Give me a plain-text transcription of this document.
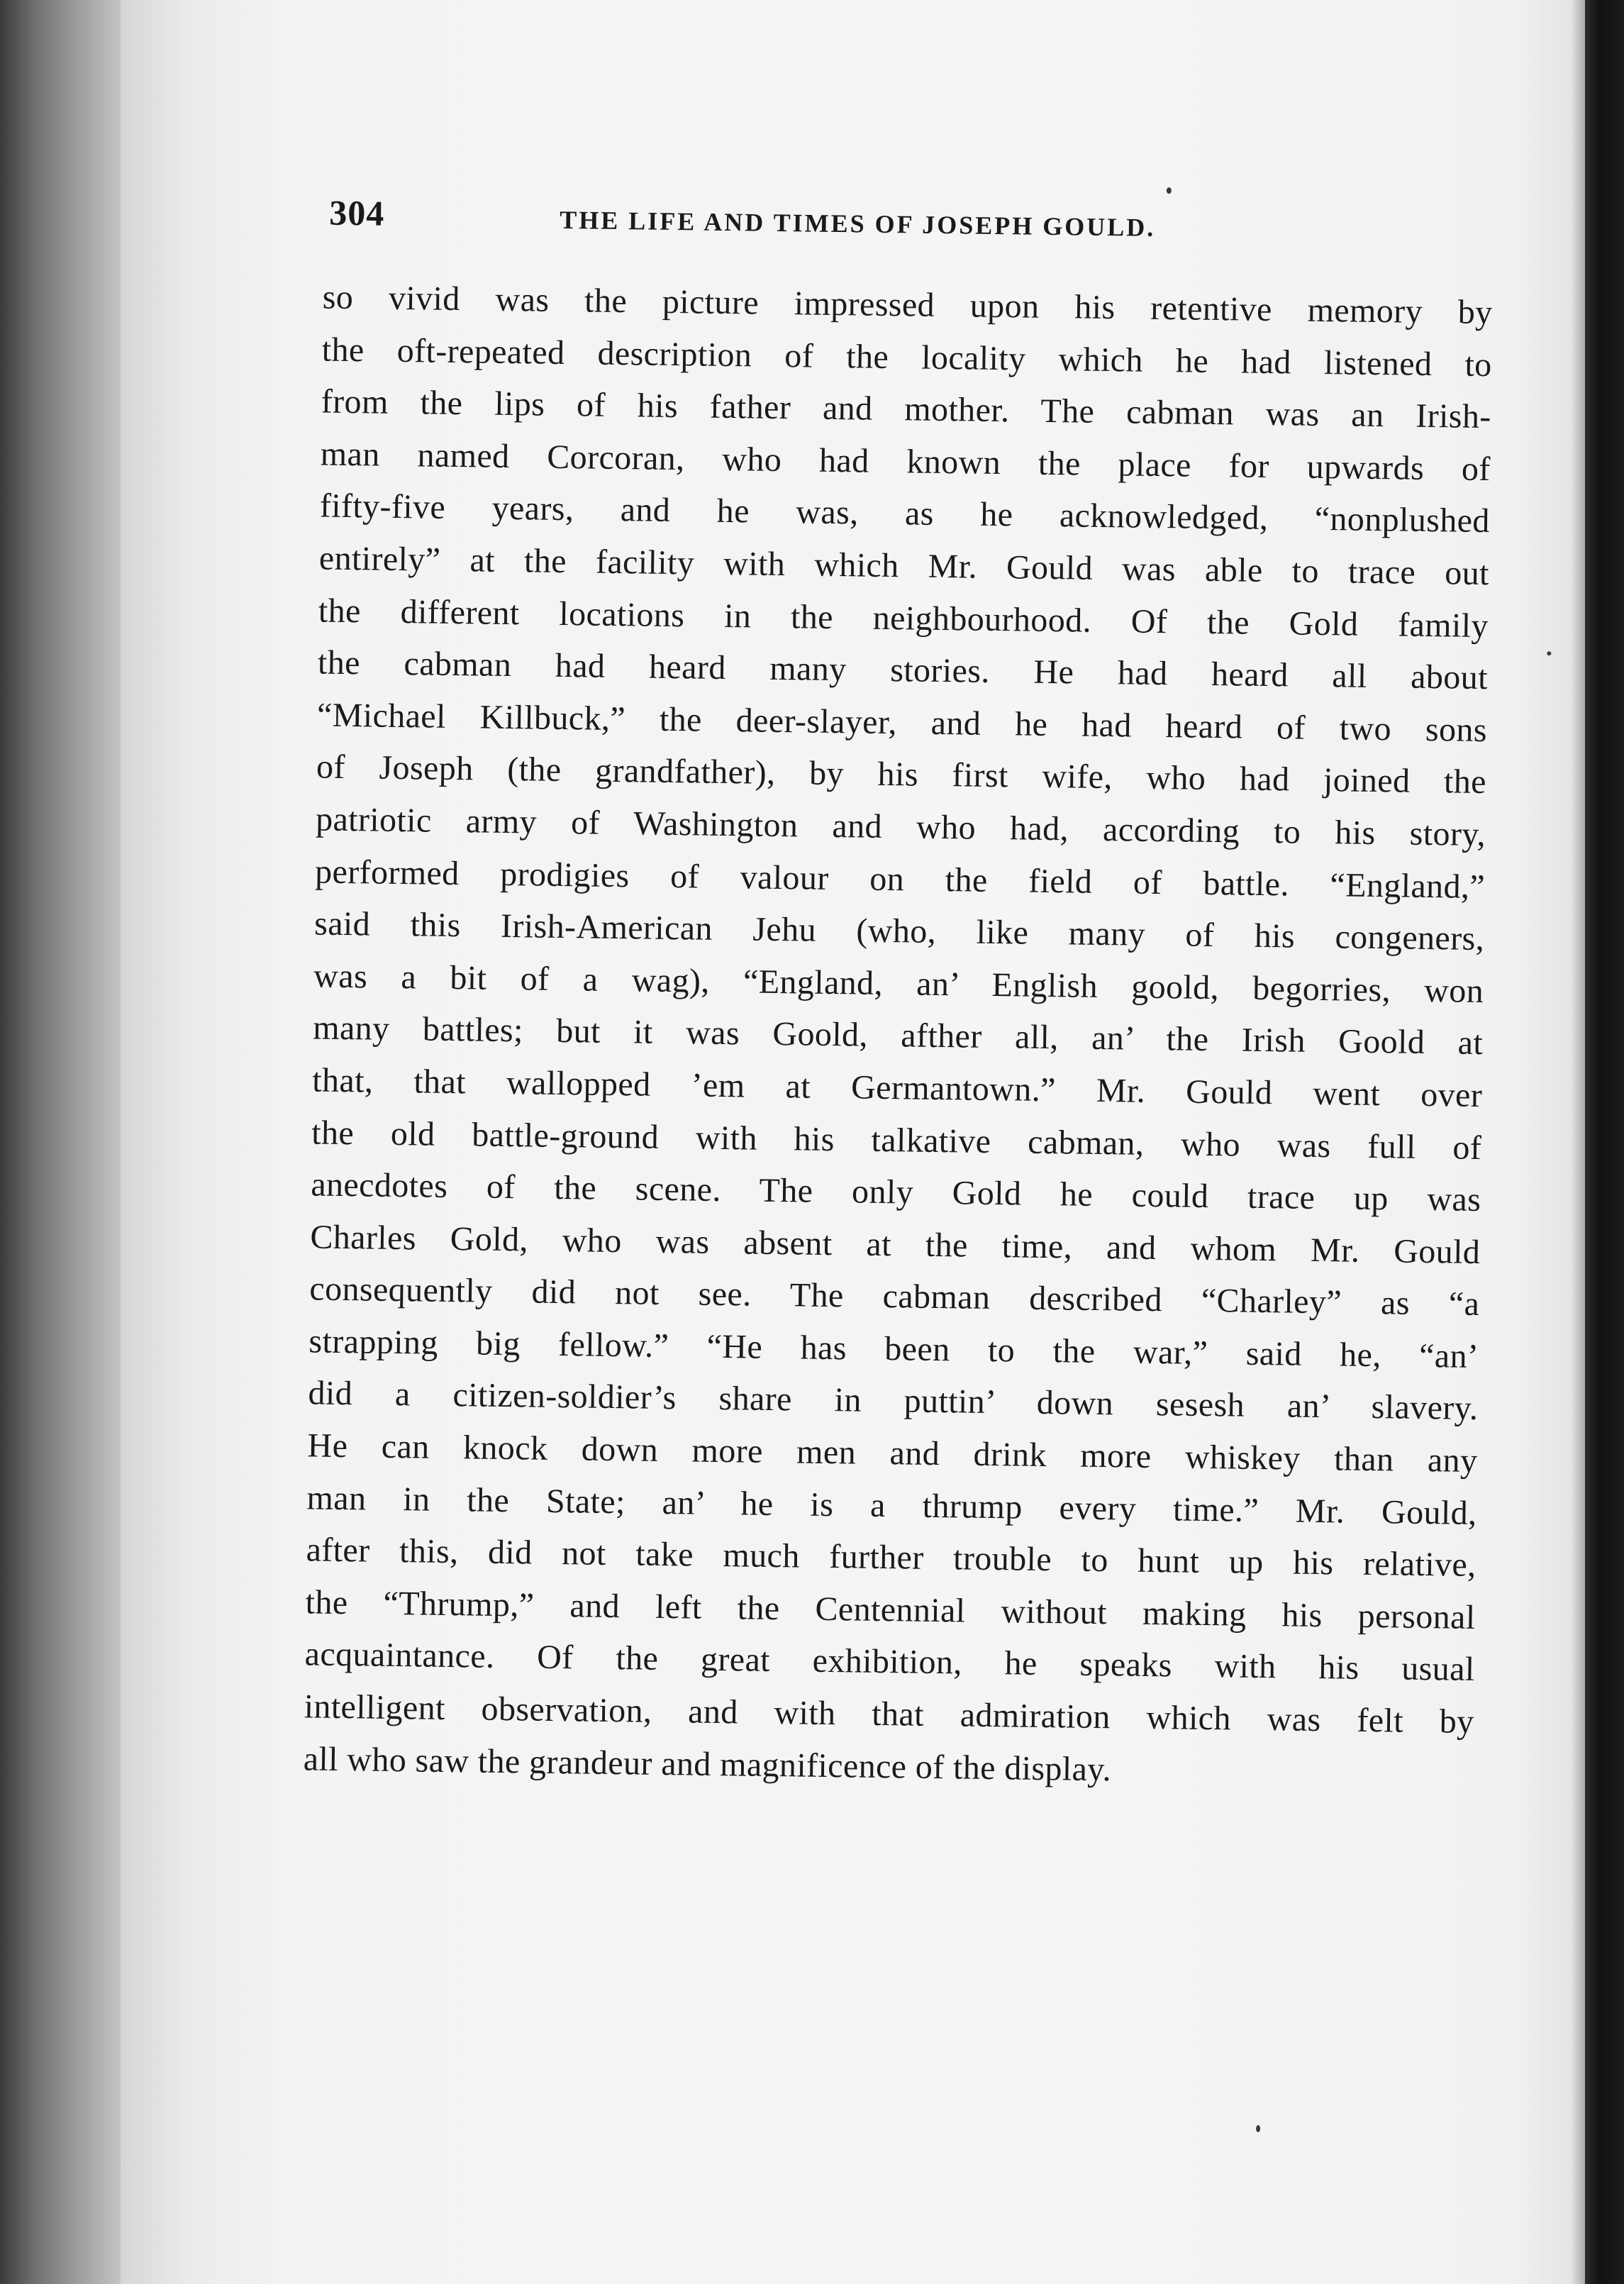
304	THE LIFE AND TIMES OF JOSEPH GOULD.
so vivid was the picture impressed upon his retentive memory by
the oft-repeated description of the locality which he had listened to
from the lips of his father and mother. The cabman was an Irish-
man named Corcoran, who had known the place for upwards of
fifty-five years, and he was, as he acknowledged, “nonplushed
entirely” at the facility with which Mr. Gould was able to trace out
the different locations in the neighbourhood. Of the Gold family
the cabman had heard many stories. He had heard all about
“Michael Killbuck,” the deer-slayer, and he had heard of two sons
of Joseph (the grandfather), by his first wife, who had joined the
patriotic army of Washington and who had, according to his story,
performed prodigies of valour on the field of battle. “England,”
said this Irish-American Jehu (who, like many of his congeners,
was a bit of a wag), “England, an’ English goold, begorries, won
many battles; but it was Goold, afther all, an’ the Irish Goold at
that, that wallopped ’em at Germantown.” Mr. Gould went over
the old battle-ground with his talkative cabman, who was full of
anecdotes of the scene. The only Gold he could trace up was
Charles Gold, who was absent at the time, and whom Mr. Gould
consequently did not see. The cabman described “Charley” as “a
strapping big fellow.” “He has been to the war,” said he, “an’
did a citizen-soldier’s share in puttin’ down sesesh an’ slavery.
He can knock down more men and drink more whiskey than any
man in the State; an’ he is a thrump every time.” Mr. Gould,
after this, did not take much further trouble to hunt up his relative,
the “Thrump,” and left the Centennial without making his personal
acquaintance. Of the great exhibition, he speaks with his usual
intelligent observation, and with that admiration which was felt by
all who saw the grandeur and magnificence of the display.
